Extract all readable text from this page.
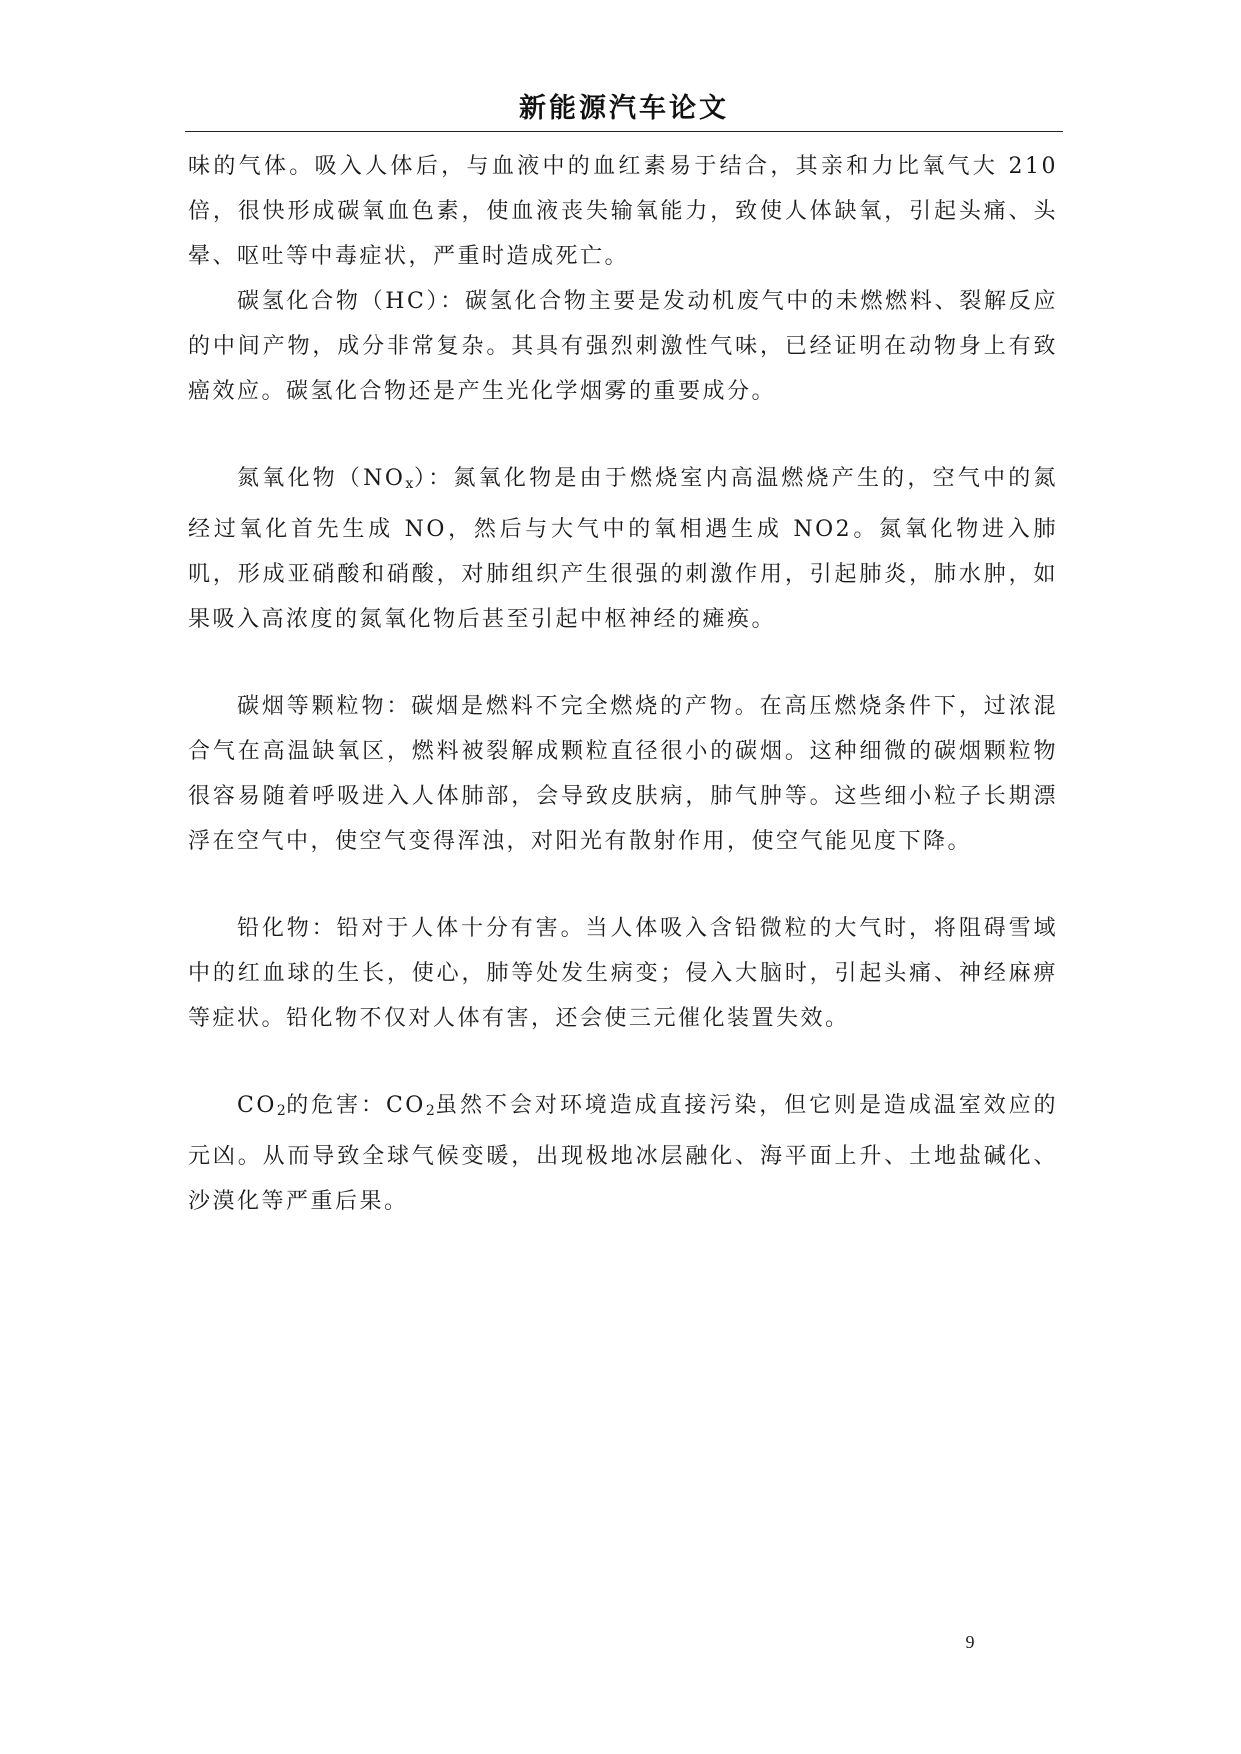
新能源汽车论文

味的气体。吸入人体后，与血液中的血红素易于结合，其亲和力比氧气大 210 倍，很快形成碳氧血色素，使血液丧失输氧能力，致使人体缺氧，引起头痛、头晕、呕吐等中毒症状，严重时造成死亡。

碳氢化合物（HC）：碳氢化合物主要是发动机废气中的未燃燃料、裂解反应的中间产物，成分非常复杂。其具有强烈刺激性气味，已经证明在动物身上有致癌效应。碳氢化合物还是产生光化学烟雾的重要成分。

氮氧化物$(NO_x)$：氮氧化物是由于燃烧室内高温燃烧产生的，空气中的氮经过氧化首先生成 NO，然后与大气中的氧相遇生成 NO2。氮氧化物进入肺叽，形成亚硝酸和硝酸，对肺组织产生很强的刺激作用，引起肺炎，肺水肿，如果吸入高浓度的氮氧化物后甚至引起中枢神经的瘫痪。

碳烟等颗粒物：碳烟是燃料不完全燃烧的产物。在高压燃烧条件下，过浓混合气在高温缺氧区，燃料被裂解成颗粒直径很小的碳烟。这种细微的碳烟颗粒物很容易随着呼吸进入人体肺部，会导致皮肤病，肺气肿等。这些细小粒子长期漂浮在空气中，使空气变得浑浊，对阳光有散射作用，使空气能见度下降。

铅化物：铅对于人体十分有害。当人体吸入含铅微粒的大气时，将阻碍雪域中的红血球的生长，使心，肺等处发生病变；侵入大脑时，引起头痛、神经麻痹等症状。铅化物不仅对人体有害，还会使三元催化装置失效。

$CO_2$的危害：$CO_2$虽然不会对环境造成直接污染，但它则是造成温室效应的元凶。从而导致全球气候变暖，出现极地冰层融化、海平面上升、土地盐碱化、沙漠化等严重后果。

9
